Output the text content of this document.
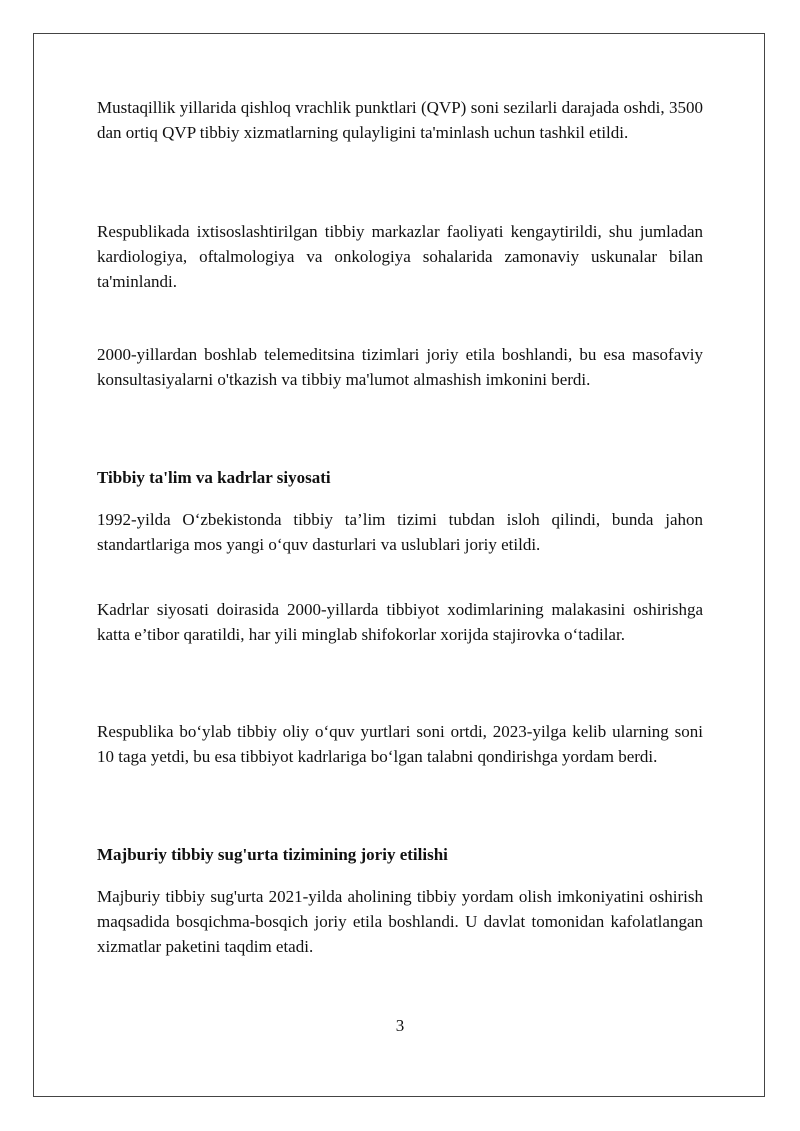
Mustaqillik yillarida qishloq vrachlik punktlari (QVP) soni sezilarli darajada oshdi, 3500 dan ortiq QVP tibbiy xizmatlarning qulayligini ta'minlash uchun tashkil etildi.

Respublikada ixtisoslashtirilgan tibbiy markazlar faoliyati kengaytirildi, shu jumladan kardiologiya, oftalmologiya va onkologiya sohalarida zamonaviy uskunalar bilan ta'minlandi.

2000-yillardan boshlab telemeditsina tizimlari joriy etila boshlandi, bu esa masofaviy konsultasiyalarni o'tkazish va tibbiy ma'lumot almashish imkonini berdi.

Tibbiy ta'lim va kadrlar siyosati

1992-yilda O‘zbekistonda tibbiy ta’lim tizimi tubdan isloh qilindi, bunda jahon standartlariga mos yangi o‘quv dasturlari va uslublari joriy etildi.

Kadrlar siyosati doirasida 2000-yillarda tibbiyot xodimlarining malakasini oshirishga katta e’tibor qaratildi, har yili minglab shifokorlar xorijda stajirovka o‘tadilar.

Respublika bo‘ylab tibbiy oliy o‘quv yurtlari soni ortdi, 2023-yilga kelib ularning soni 10 taga yetdi, bu esa tibbiyot kadrlariga bo‘lgan talabni qondirishga yordam berdi.

Majburiy tibbiy sug'urta tizimining joriy etilishi

Majburiy tibbiy sug'urta 2021-yilda aholining tibbiy yordam olish imkoniyatini oshirish maqsadida bosqichma-bosqich joriy etila boshlandi. U davlat tomonidan kafolatlangan xizmatlar paketini taqdim etadi.

3
